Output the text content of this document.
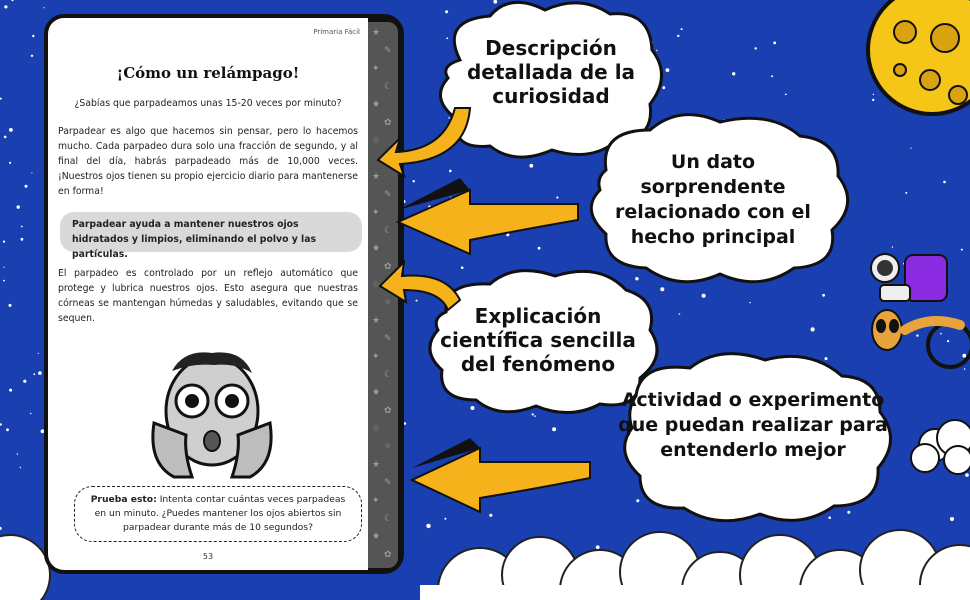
★
✎
✦
☾
♦
✿
☆
★
✎
✦
☾
♦
✿
☆
✧
★
✎
✦
☾
♦
✿
☆
✧
★
✎
✦
☾
♦
✿
Primaria Fácil
¡Cómo un relámpago!
¿Sabías que parpadeamos unas 15-20 veces por minuto?
Parpadear es algo que hacemos sin pensar, pero lo hacemos mucho. Cada parpadeo dura solo una fracción de segundo, y al final del día, habrás parpadeado más de 10,000 veces. ¡Nuestros ojos tienen su propio ejercicio diario para mantenerse en forma!
Parpadear ayuda a mantener nuestros ojos hidratados y limpios, eliminando el polvo y las partículas.
El parpadeo es controlado por un reflejo automático que protege y lubrica nuestros ojos. Esto asegura que nuestras córneas se mantengan húmedas y saludables, evitando que se sequen.
Prueba esto: Intenta contar cuántas veces parpadeas en un minuto. ¿Puedes mantener los ojos abiertos sin parpadear durante más de 10 segundos?
53
Descripción detallada de la curiosidad
Un dato sorprendente relacionado con el hecho principal
Explicación científica sencilla del fenómeno
Actividad o experimento que puedan realizar para entenderlo mejor
